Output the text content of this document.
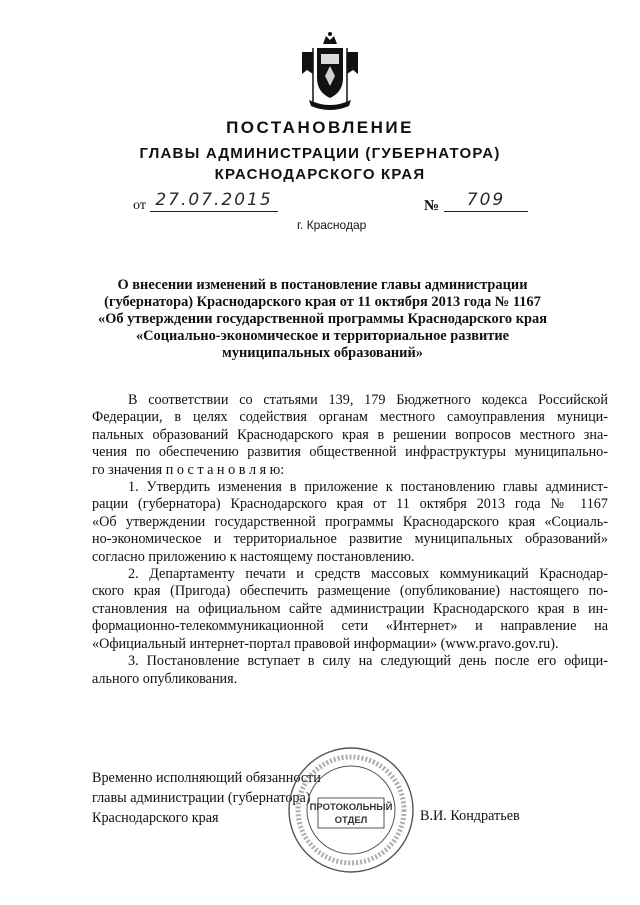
ПОСТАНОВЛЕНИЕ
ГЛАВЫ АДМИНИСТРАЦИИ (ГУБЕРНАТОРА)
КРАСНОДАРСКОГО КРАЯ
от 27.07.2015	№	709
г. Краснодар
О внесении изменений в постановление главы администрации
(губернатора) Краснодарского края от 11 октября 2013 года № 1167
«Об утверждении государственной программы Краснодарского края
«Социально-экономическое и территориальное развитие
муниципальных образований»
В соответствии со статьями 139, 179 Бюджетного кодекса Российской
Федерации, в целях содействия органам местного самоуправления муници-
пальных образований Краснодарского края в решении вопросов местного зна-
чения по обеспечению развития общественной инфраструктуры муниципально-
го значения п о с т а н о в л я ю:
1. Утвердить изменения в приложение к постановлению главы админист-
рации (губернатора) Краснодарского края от 11 октября 2013 года № 1167
«Об утверждении государственной программы Краснодарского края «Социаль-
но-экономическое и территориальное развитие муниципальных образований»
согласно приложению к настоящему постановлению.
2. Департаменту печати и средств массовых коммуникаций Краснодар-
ского края (Пригода) обеспечить размещение (опубликование) настоящего по-
становления на официальном сайте администрации Краснодарского края в ин-
формационно-телекоммуникационной сети «Интернет» и направление на
«Официальный интернет-портал правовой информации» (www.pravo.gov.ru).
3. Постановление вступает в силу на следующий день после его офици-
ального опубликования.
Временно исполняющий обязанности
главы администрации (губернатора)
Краснодарского края	В.И. Кондратьев
ПРОТОКОЛЬНЫЙ
ОТДЕЛ
